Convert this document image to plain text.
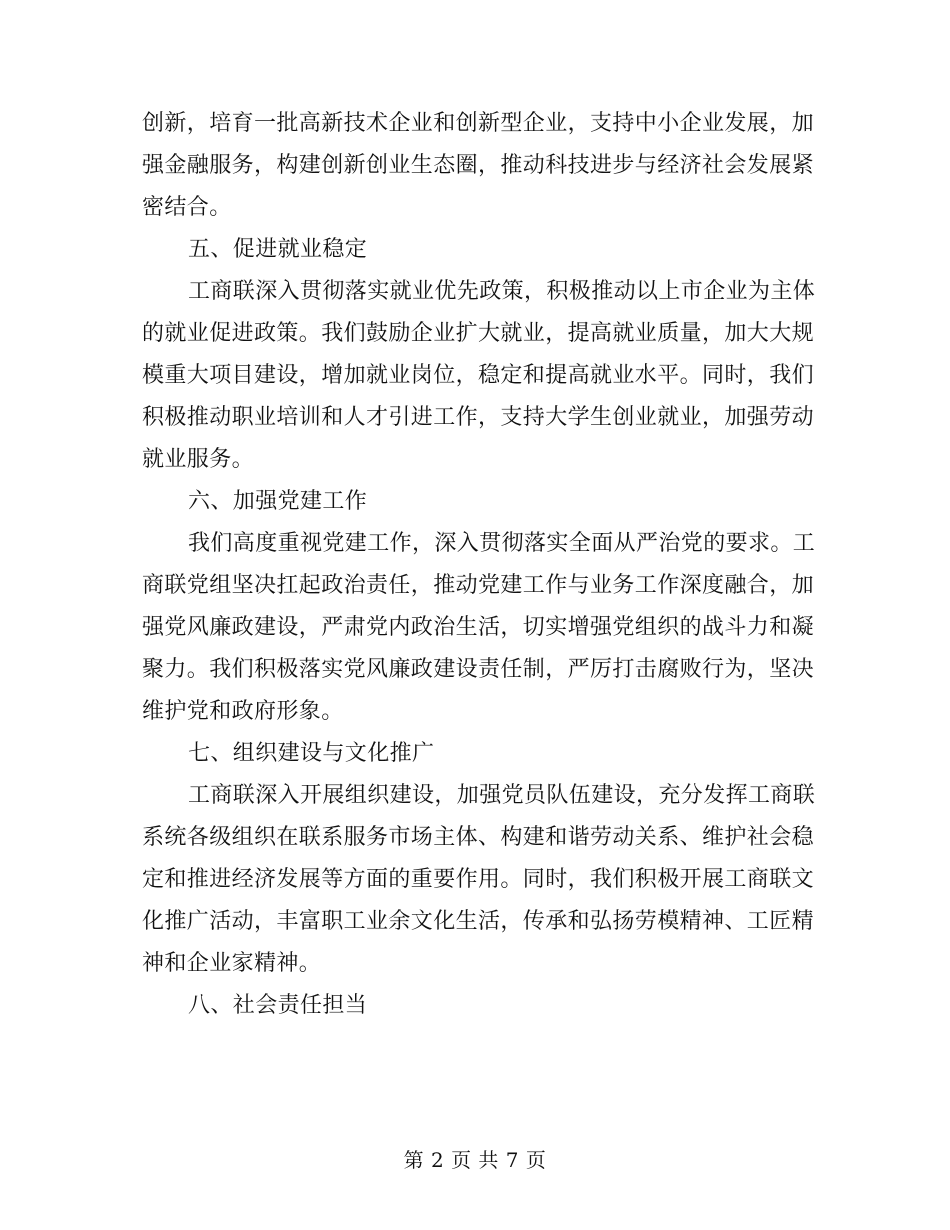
创新，培育一批高新技术企业和创新型企业，支持中小企业发展，加
强金融服务，构建创新创业生态圈，推动科技进步与经济社会发展紧
密结合。
五、促进就业稳定
工商联深入贯彻落实就业优先政策，积极推动以上市企业为主体
的就业促进政策。我们鼓励企业扩大就业，提高就业质量，加大大规
模重大项目建设，增加就业岗位，稳定和提高就业水平。同时，我们
积极推动职业培训和人才引进工作，支持大学生创业就业，加强劳动
就业服务。
六、加强党建工作
我们高度重视党建工作，深入贯彻落实全面从严治党的要求。工
商联党组坚决扛起政治责任，推动党建工作与业务工作深度融合，加
强党风廉政建设，严肃党内政治生活，切实增强党组织的战斗力和凝
聚力。我们积极落实党风廉政建设责任制，严厉打击腐败行为，坚决
维护党和政府形象。
七、组织建设与文化推广
工商联深入开展组织建设，加强党员队伍建设，充分发挥工商联
系统各级组织在联系服务市场主体、构建和谐劳动关系、维护社会稳
定和推进经济发展等方面的重要作用。同时，我们积极开展工商联文
化推广活动，丰富职工业余文化生活，传承和弘扬劳模精神、工匠精
神和企业家精神。
八、社会责任担当
第 2 页 共 7 页
